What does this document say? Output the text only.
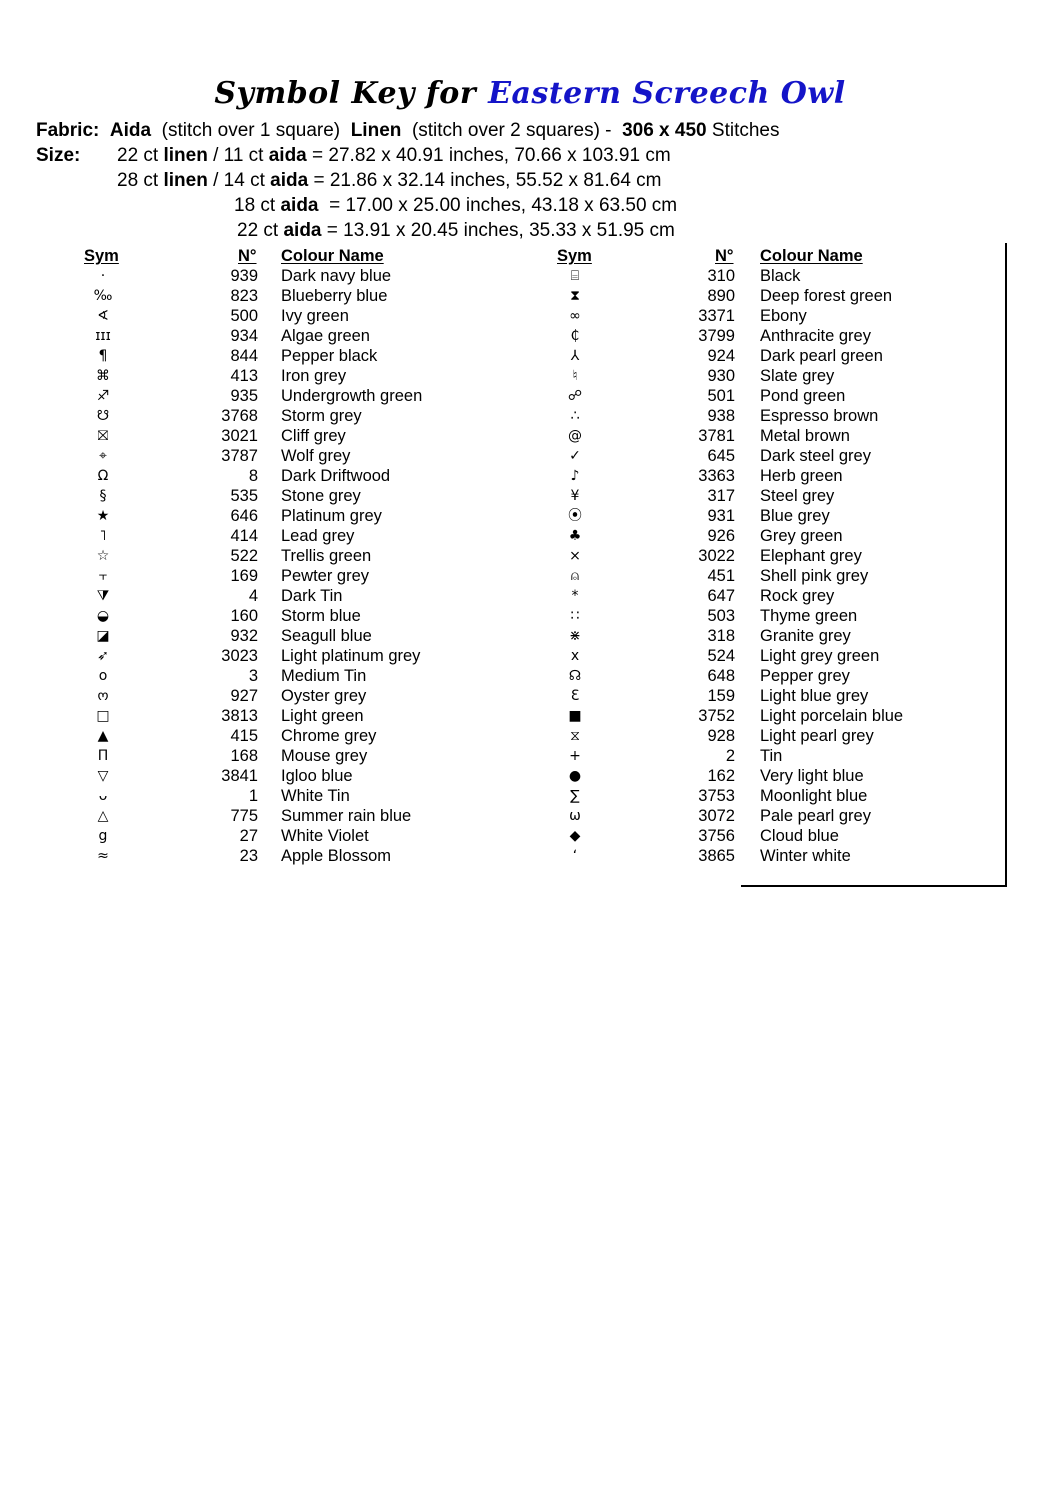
Symbol Key for Eastern Screech Owl
Fabric: Aida (stitch over 1 square) Linen (stitch over 2 squares) - 306 x 450 Stitches
Size: 22 ct linen / 11 ct aida = 27.82 x 40.91 inches, 70.66 x 103.91 cm
28 ct linen / 14 ct aida = 21.86 x 32.14 inches, 55.52 x 81.64 cm
18 ct aida  = 17.00 x 25.00 inches, 43.18 x 63.50 cm
22 ct aida = 13.91 x 20.45 inches, 35.33 x 51.95 cm
Sym	N° Colour Name
·	939 Dark navy blue
‰	823 Blueberry blue
∢	500 Ivy green
ɪɪɪ	934 Algae green
¶	844 Pepper black
⌘	413 Iron grey
♐	935 Undergrowth green
☋	3768 Storm grey
⛝	3021 Cliff grey
⌖	3787 Wolf grey
Ω	8 Dark Driftwood
§	535 Stone grey
★	646 Platinum grey
˥	414 Lead grey
☆	522 Trellis green
⫟	169 Pewter grey
⧩	4 Dark Tin
◒	160 Storm blue
◪	932 Seagull blue
➶	3023 Light platinum grey
o	3 Medium Tin
ო	927 Oyster grey
□	3813 Light green
▲	415 Chrome grey
Π	168 Mouse grey
▽	3841 Igloo blue
ᴗ	1 White Tin
△	775 Summer rain blue
g	27 White Violet
≈	23 Apple Blossom
Sym	N° Colour Name
⌸	310 Black
⧗	890 Deep forest green
∞	3371 Ebony
₵	3799 Anthracite grey
⅄	924 Dark pearl green
♮	930 Slate grey
☍	501 Pond green
∴	938 Espresso brown
@	3781 Metal brown
✓	645 Dark steel grey
♪	3363 Herb green
¥	317 Steel grey
⦿	931 Blue grey
♣	926 Grey green
⨯	3022 Elephant grey
⍝	451 Shell pink grey
*	647 Rock grey
∷	503 Thyme green
⋇	318 Granite grey
x	524 Light grey green
☊	648 Pepper grey
Ɛ	159 Light blue grey
■	3752 Light porcelain blue
⧖	928 Light pearl grey
+	2 Tin
●	162 Very light blue
∑	3753 Moonlight blue
ω	3072 Pale pearl grey
◆	3756 Cloud blue
ʻ	3865 Winter white
